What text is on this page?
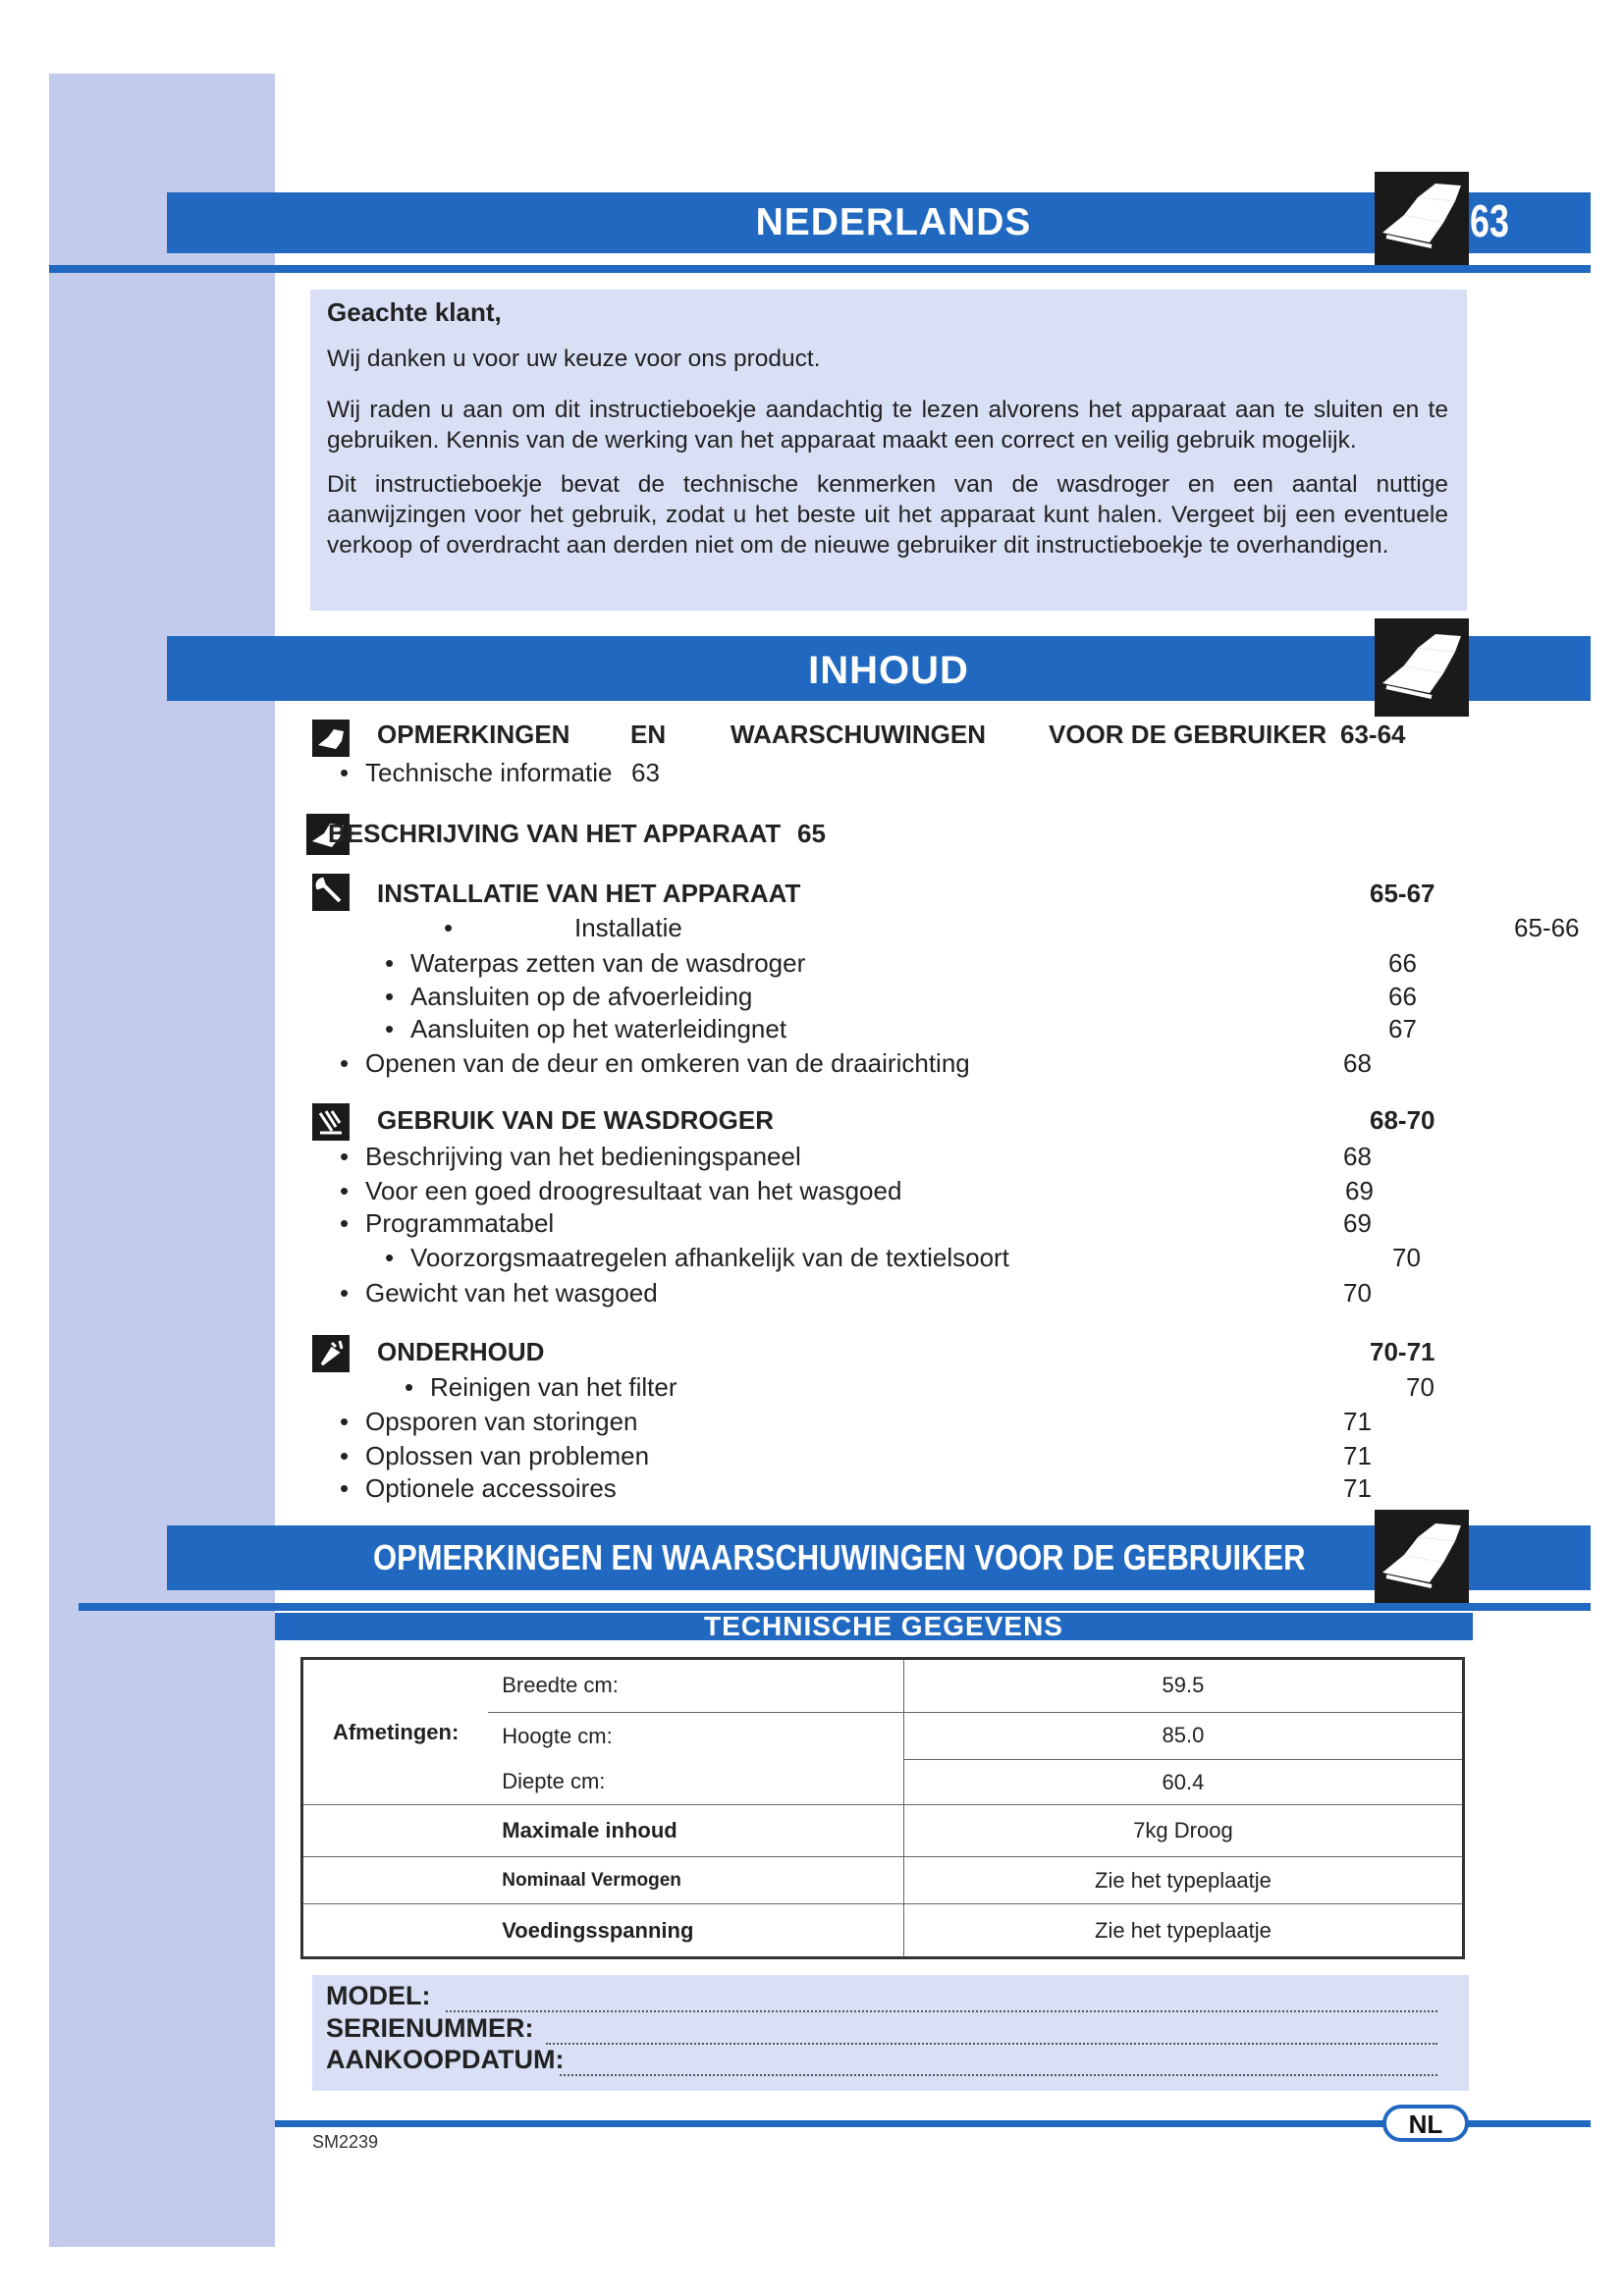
NEDERLANDS	63

Geachte klant,

Wij danken u voor uw keuze voor ons product.

Wij raden u aan om dit instructieboekje aandachtig te lezen alvorens het apparaat aan te sluiten en te gebruiken. Kennis van de werking van het apparaat maakt een correct en veilig gebruik mogelijk.

Dit instructieboekje bevat de technische kenmerken van de wasdroger en een aantal nuttige aanwijzingen voor het gebruik, zodat u het beste uit het apparaat kunt halen. Vergeet bij een eventuele verkoop of overdracht aan derden niet om de nieuwe gebruiker dit instructieboekje te overhandigen.

INHOUD
OPMERKINGEN EN	WAARSCHUWINGEN VOOR DE GEBRUIKER 63-64
• Technische informatie 63
BESCHRIJVING VAN HET APPARAAT 65
INSTALLATIE VAN HET APPARAAT	65-67
•	Installatie	65-66
• Waterpas zetten van de wasdroger	66
• Aansluiten op de afvoerleiding	66
• Aansluiten op het waterleidingnet	67
• Openen van de deur en omkeren van de draairichting	68
GEBRUIK VAN DE WASDROGER	68-70
• Beschrijving van het bedieningspaneel	68
• Voor een goed droogresultaat van het wasgoed	69
• Programmatabel	69
• Voorzorgsmaatregelen afhankelijk van de textielsoort	70
• Gewicht van het wasgoed	70
ONDERHOUD	70-71
• Reinigen van het filter	70
• Opsporen van storingen	71
• Oplossen van problemen	71
• Optionele accessoires	71
OPMERKINGEN EN WAARSCHUWINGEN VOOR DE GEBRUIKER
TECHNISCHE GEGEVENS
Afmetingen:	Breedte cm:	59.5
	Hoogte cm:	85.0
	Diepte cm:	60.4
	Maximale inhoud	7kg Droog
	Nominaal Vermogen	Zie het typeplaatje
	Voedingsspanning	Zie het typeplaatje
MODEL:
SERIENUMMER:
AANKOOPDATUM:
NL
SM2239
